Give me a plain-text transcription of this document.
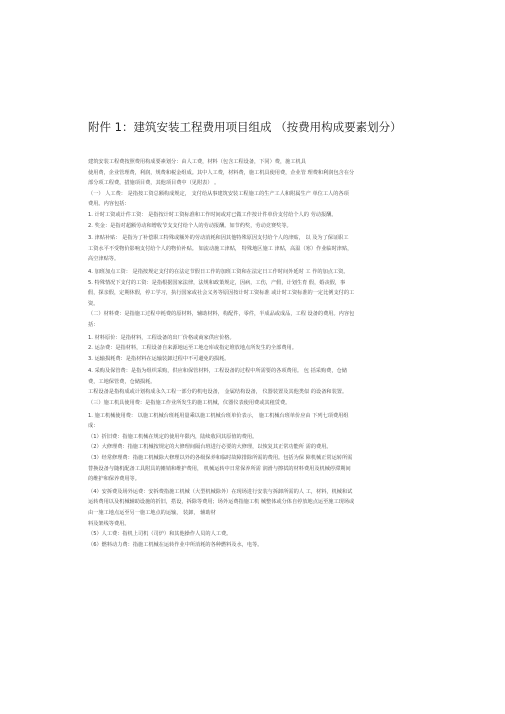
附件 1：建筑安装工程费用项目组成 （按费用构成要素划分）

建筑安装工程费按照费用构成要素划分：由人工费，材料（包含工程设备，下同）费，施工机具

使用费，企业管理费，利润，规费和税金组成。其中人工费，材料费，施工机具使用费，企业管 理费和利润包含在分

部分项工程费，措施项目费，其他项目费中（见附表） 。

（一） 人工费： 是指按工资总额构成规定， 支付给从事建筑安装工程施工的生产工人和附属生产 单位工人的各项

费用。内容包括：

1. 计时工资或计件工资： 是指按计时工资标准和工作时间或对已做工作按计件单价支付给个人的 劳动报酬。

2. 奖金：是指对超额劳动和增收节支支付给个人的劳动报酬。如节约奖，劳动竞赛奖等。

3. 津贴补贴： 是指为了补偿职工特殊或额外的劳动消耗和因其他特殊原因支付给个人的津贴， 以 及为了保证职工

工资水平不受物价影响支付给个人的物价补贴。 如流动施工津贴， 特殊地区施工 津贴，高温（寒）作业临时津贴，

高空津贴等。

4. 加班加点工资： 是指按规定支付的在法定节假日工作的加班工资和在法定日工作时间外延时 工 作的加点工资。

5. 特殊情况下支付的工资：是指根据国家法律，法规和政策规定，因病，工伤，产假，计划生育 假，婚丧假，事

假，探亲假，定期休假，停工学习，执行国家或社会义务等原因按计时工资标准 或计时工资标准的一定比例支付的工

资。

（二）材料费：是指施工过程中耗费的原材料，辅助材料，构配件，零件，半成品或成品，工程 设备的费用。内容包

括：

1. 材料原价：是指材料，工程设备的出厂价格或商家供应价格。

2. 运杂费：是指材料，工程设备自来源地运至工地仓库或指定堆放地点所发生的全部费用。

3. 运输损耗费：是指材料在运输装卸过程中不可避免的损耗。

4. 采购及保管费：是指为组织采购，供应和保管材料，工程设备的过程中所需要的各项费用。 包 括采购费，仓储

费，工地保管费，仓储损耗。

工程设备是指构成或计划构成永久工程一部分的机电设备， 金属结构设备， 仪器装置及其他类似 的设备和装置。

（三）施工机具使用费：是指施工作业所发生的施工机械，仪器仪表使用费或其租赁费。

1. 施工机械使用费： 以施工机械台班耗用量乘以施工机械台班单价表示， 施工机械台班单价应由 下列七项费用组

成：

（1）折旧费：指施工机械在规定的使用年限内，陆续收回其原值的费用。

（2）大修理费：指施工机械按规定的大修理间隔台班进行必要的大修理，以恢复其正常功能所 需的费用。

（3）经常修理费：指施工机械除大修理以外的各级保养和临时故障排除所需的费用。包括为保 障机械正常运转所需

替换设备与随机配备工具附具的摊销和维护费用， 机械运转中日常保养所需 润滑与擦拭的材料费用及机械停滞期间

的维护和保养费用等。

（4）安拆费及场外运费：安拆费指施工机械（大型机械除外）在现场进行安装与拆卸所需的人 工，材料，机械和试

运转费用以及机械辅助设施的折旧，搭设，拆除等费用；场外运费指施工机 械整体或分体自停放地点运至施工现场或

由一施工地点运至另一施工地点的运输， 装卸， 辅助材

料及架线等费用。

（5）人工费：指机上司机（司炉）和其他操作人员的人工费。

（6）燃料动力费：指施工机械在运转作业中所消耗的各种燃料及水，电等。
